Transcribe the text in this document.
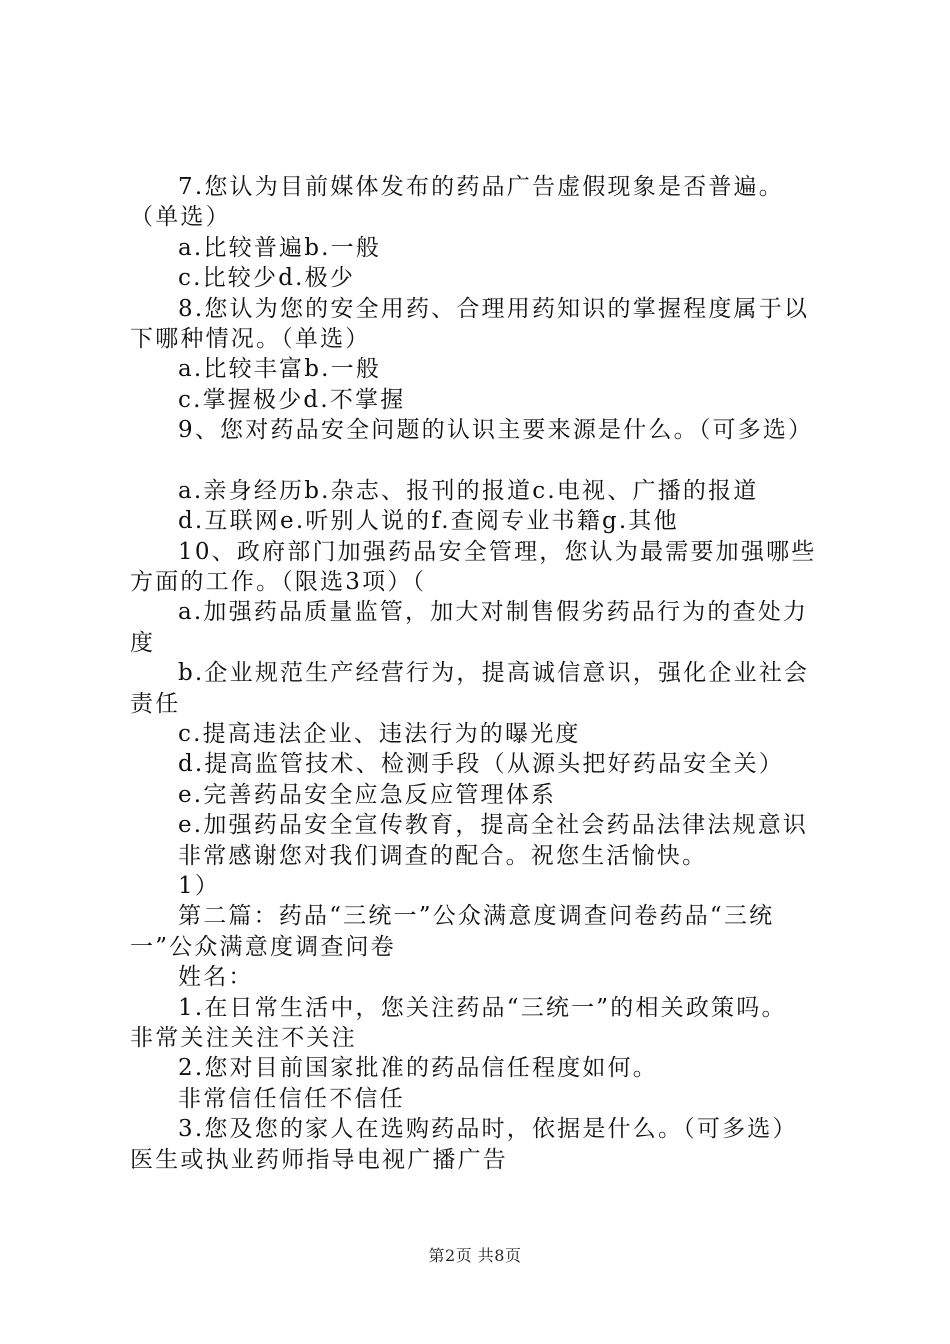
7.您认为目前媒体发布的药品广告虚假现象是否普遍。
（单选）
a.比较普遍b.一般
c.比较少d.极少
8.您认为您的安全用药、合理用药知识的掌握程度属于以
下哪种情况。（单选）
a.比较丰富b.一般
c.掌握极少d.不掌握
9、您对药品安全问题的认识主要来源是什么。（可多选）
a.亲身经历b.杂志、报刊的报道c.电视、广播的报道
d.互联网e.听别人说的f.查阅专业书籍g.其他
10、政府部门加强药品安全管理，您认为最需要加强哪些
方面的工作。（限选3项）（
a.加强药品质量监管，加大对制售假劣药品行为的查处力
度
b.企业规范生产经营行为，提高诚信意识，强化企业社会
责任
c.提高违法企业、违法行为的曝光度
d.提高监管技术、检测手段（从源头把好药品安全关）
e.完善药品安全应急反应管理体系
e.加强药品安全宣传教育，提高全社会药品法律法规意识
非常感谢您对我们调查的配合。祝您生活愉快。
1）
第二篇：药品“三统一”公众满意度调查问卷药品“三统
一”公众满意度调查问卷
姓名：
1.在日常生活中，您关注药品“三统一”的相关政策吗。
非常关注关注不关注
2.您对目前国家批准的药品信任程度如何。
非常信任信任不信任
3.您及您的家人在选购药品时，依据是什么。（可多选）
医生或执业药师指导电视广播广告
第2页 共8页
